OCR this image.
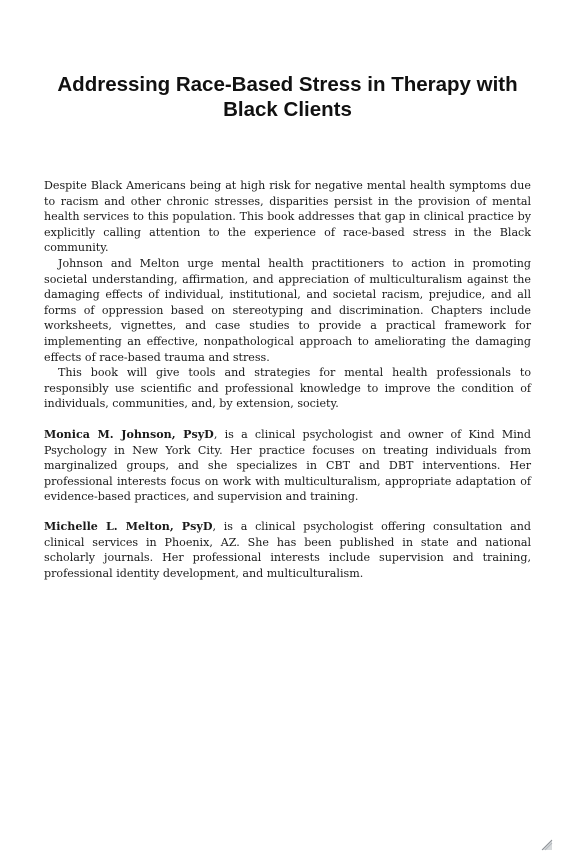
Addressing Race-Based Stress in Therapy with Black Clients

Despite Black Americans being at high risk for negative mental health symptoms due to racism and other chronic stresses, disparities persist in the provision of mental health services to this population. This book addresses that gap in clinical practice by explicitly calling attention to the experience of race-based stress in the Black community.

Johnson and Melton urge mental health practitioners to action in promoting societal understanding, affirmation, and appreciation of multiculturalism against the damaging effects of individual, institutional, and societal racism, prejudice, and all forms of oppression based on stereotyping and discrimination. Chapters include worksheets, vignettes, and case studies to provide a practical framework for implementing an effective, nonpathological approach to ameliorating the damaging effects of race-based trauma and stress.

This book will give tools and strategies for mental health professionals to responsibly use scientific and professional knowledge to improve the condition of individuals, communities, and, by extension, society.

Monica M. Johnson, PsyD, is a clinical psychologist and owner of Kind Mind Psychology in New York City. Her practice focuses on treating individuals from marginalized groups, and she specializes in CBT and DBT interventions. Her professional interests focus on work with multiculturalism, appropriate adaptation of evidence-based practices, and supervision and training.

Michelle L. Melton, PsyD, is a clinical psychologist offering consultation and clinical services in Phoenix, AZ. She has been published in state and national scholarly journals. Her professional interests include supervision and training, professional identity development, and multiculturalism.
